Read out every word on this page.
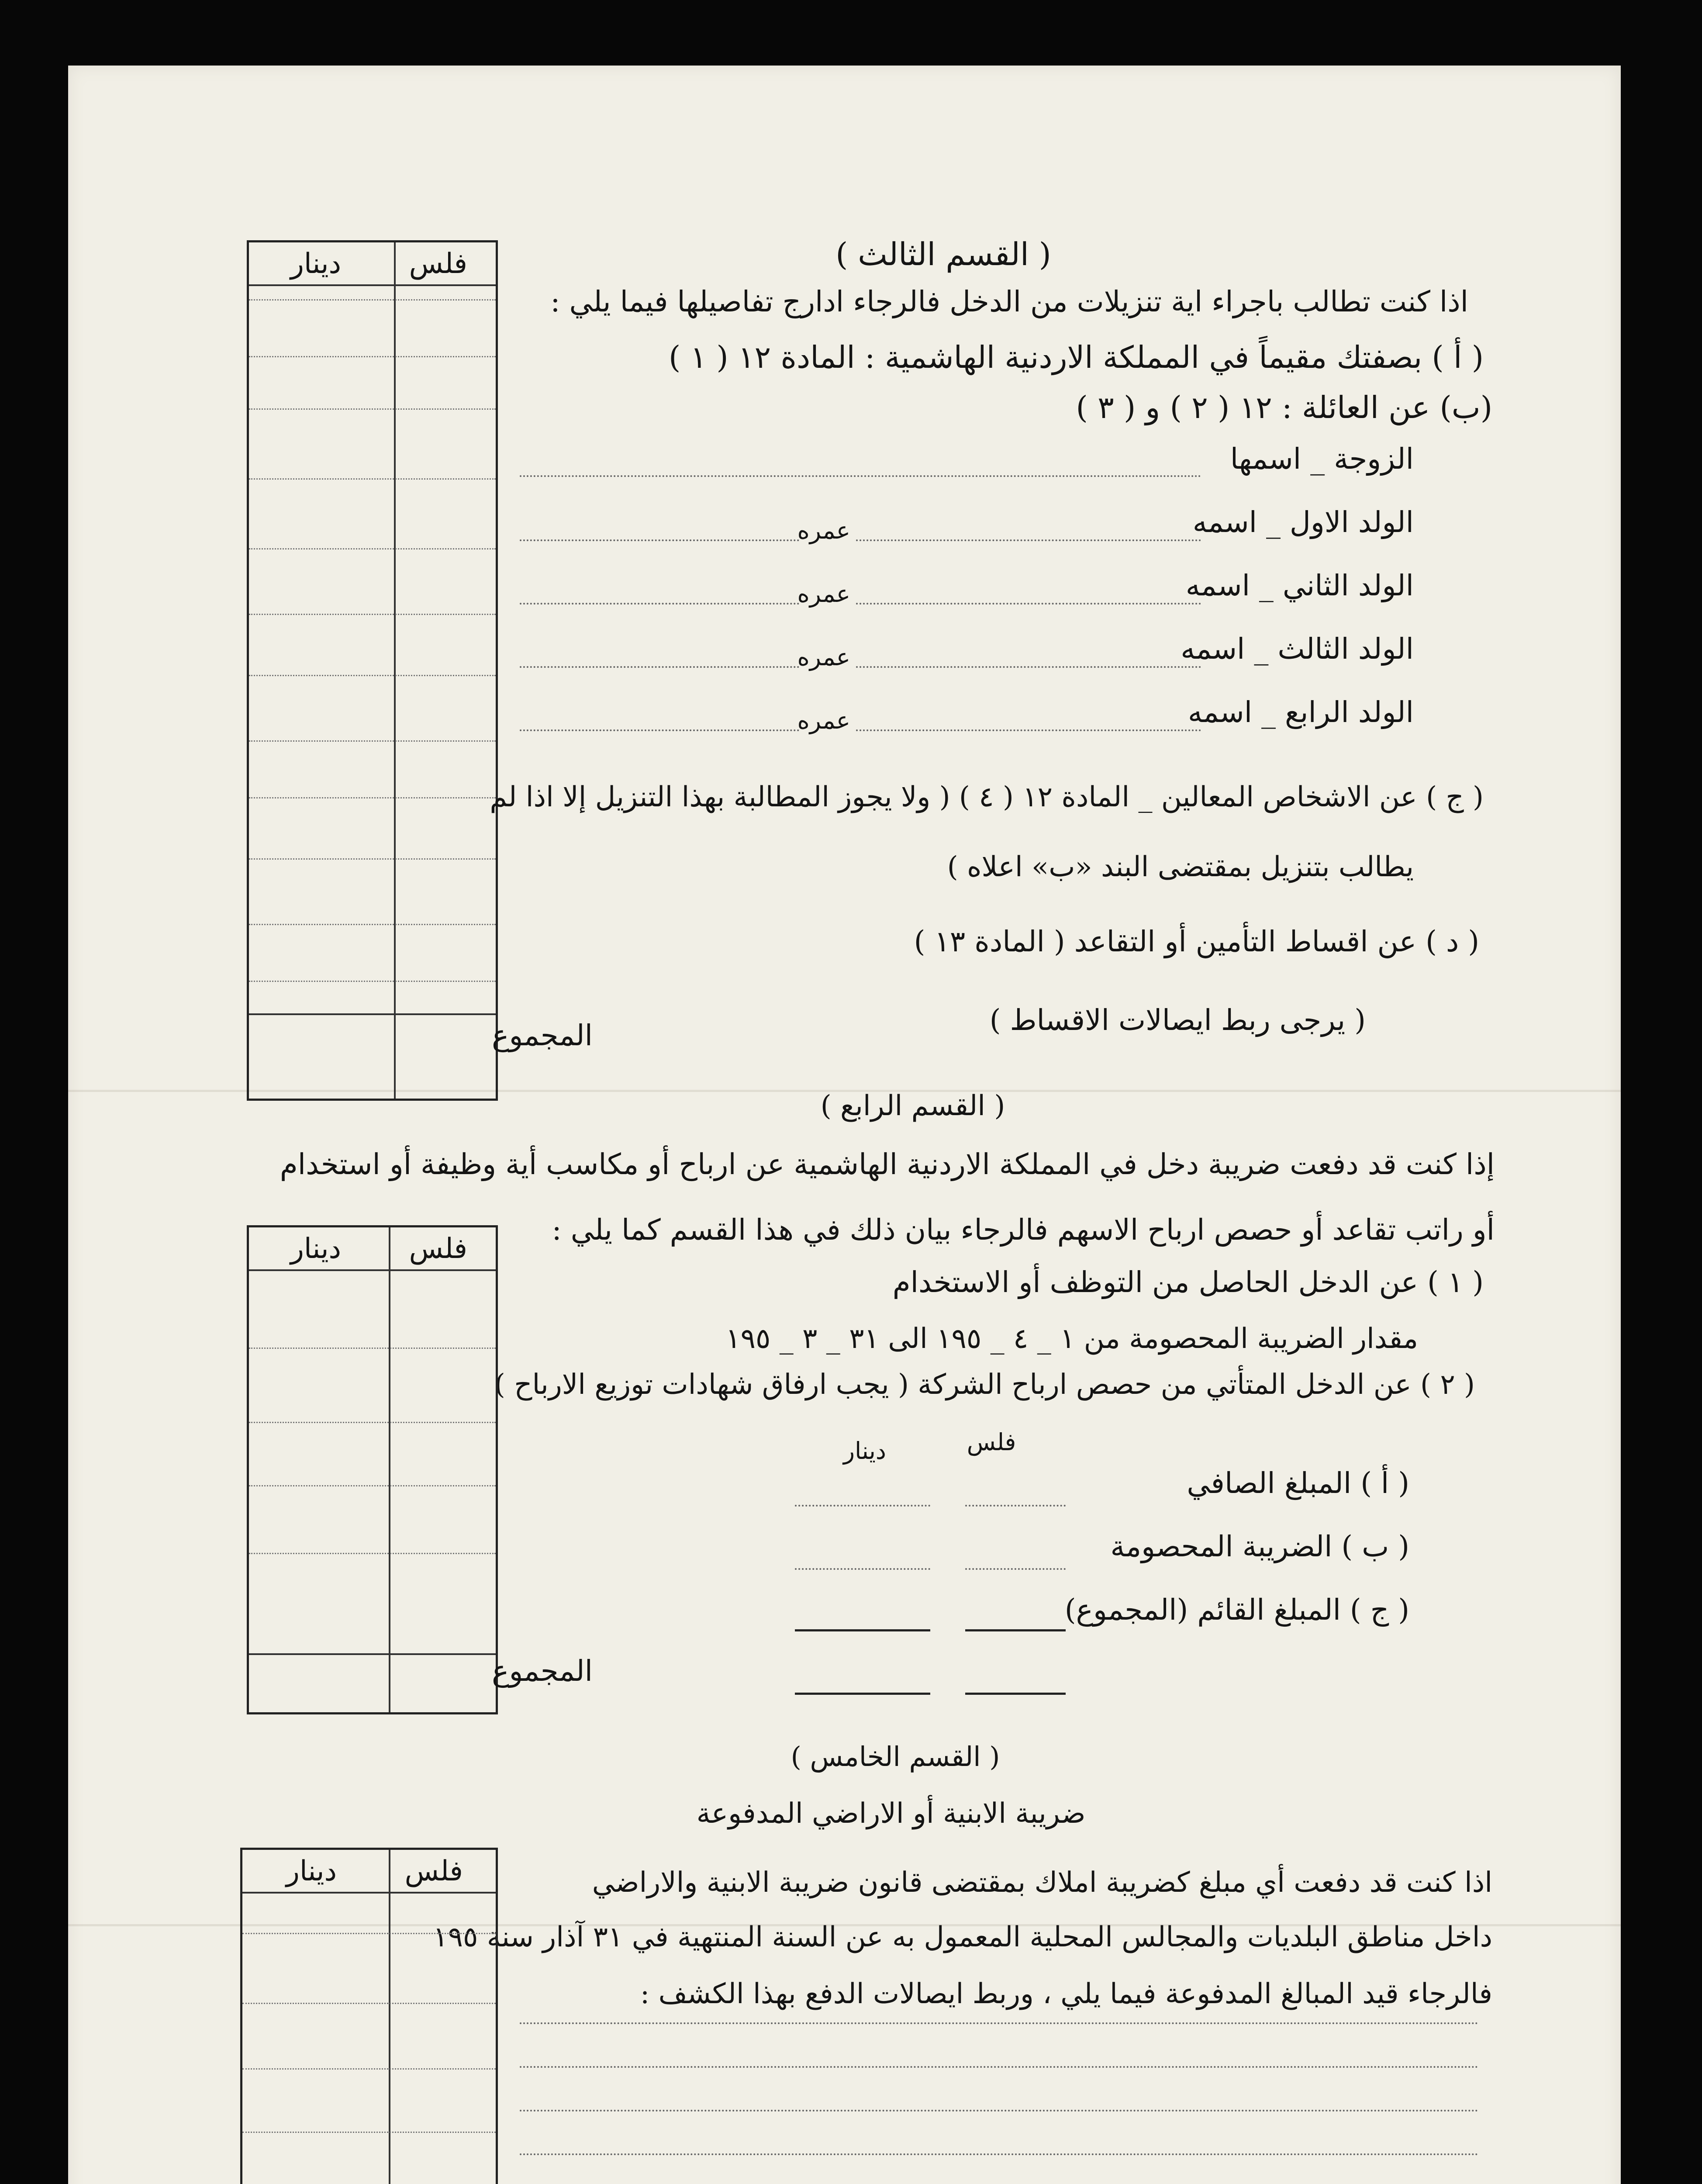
دينار فلس	( القسم الثالث )
اذا كنت تطالب باجراء اية تنزيلات من الدخل فالرجاء ادارج تفاصيلها فيما يلي :
( أ ) بصفتك مقيماً في المملكة الاردنية الهاشمية : المادة ١٢ ( ١ )
(ب) عن العائلة : ١٢ ( ٢ ) و ( ٣ )
الزوجة _ اسمها
الولد الاول _ اسمه
عمره
الولد الثاني _ اسمه
عمره
الولد الثالث _ اسمه
عمره
الولد الرابع _ اسمه
عمره
( ج ) عن الاشخاص المعالين _ المادة ١٢ ( ٤ ) ( ولا يجوز المطالبة بهذا التنزيل إلا اذا لم
يطالب بتنزيل بمقتضى البند «ب» اعلاه )
( د ) عن اقساط التأمين أو التقاعد ( المادة ١٣ )
( يرجى ربط ايصالات الاقساط )
المجموع
( القسم الرابع )
إذا كنت قد دفعت ضريبة دخل في المملكة الاردنية الهاشمية عن ارباح أو مكاسب أية وظيفة أو استخدام
أو راتب تقاعد أو حصص ارباح الاسهم فالرجاء بيان ذلك في هذا القسم كما يلي :
( ١ ) عن الدخل الحاصل من التوظف أو الاستخدام
مقدار الضريبة المحصومة من ١ _ ٤ _ ١٩٥ الى ٣١ _ ٣ _ ١٩٥
( ٢ ) عن الدخل المتأتي من حصص ارباح الشركة ( يجب ارفاق شهادات توزيع الارباح )
فلس
دينار
( أ ) المبلغ الصافي
( ب ) الضريبة المحصومة
( ج ) المبلغ القائم (المجموع)
دينار فلس
المجموع
( القسم الخامس )
ضريبة الابنية أو الاراضي المدفوعة
اذا كنت قد دفعت أي مبلغ كضريبة املاك بمقتضى قانون ضريبة الابنية والاراضي
داخل مناطق البلديات والمجالس المحلية المعمول به عن السنة المنتهية في ٣١ آذار سنة ١٩٥
فالرجاء قيد المبالغ المدفوعة فيما يلي ، وربط ايصالات الدفع بهذا الكشف :
دينار فلس
